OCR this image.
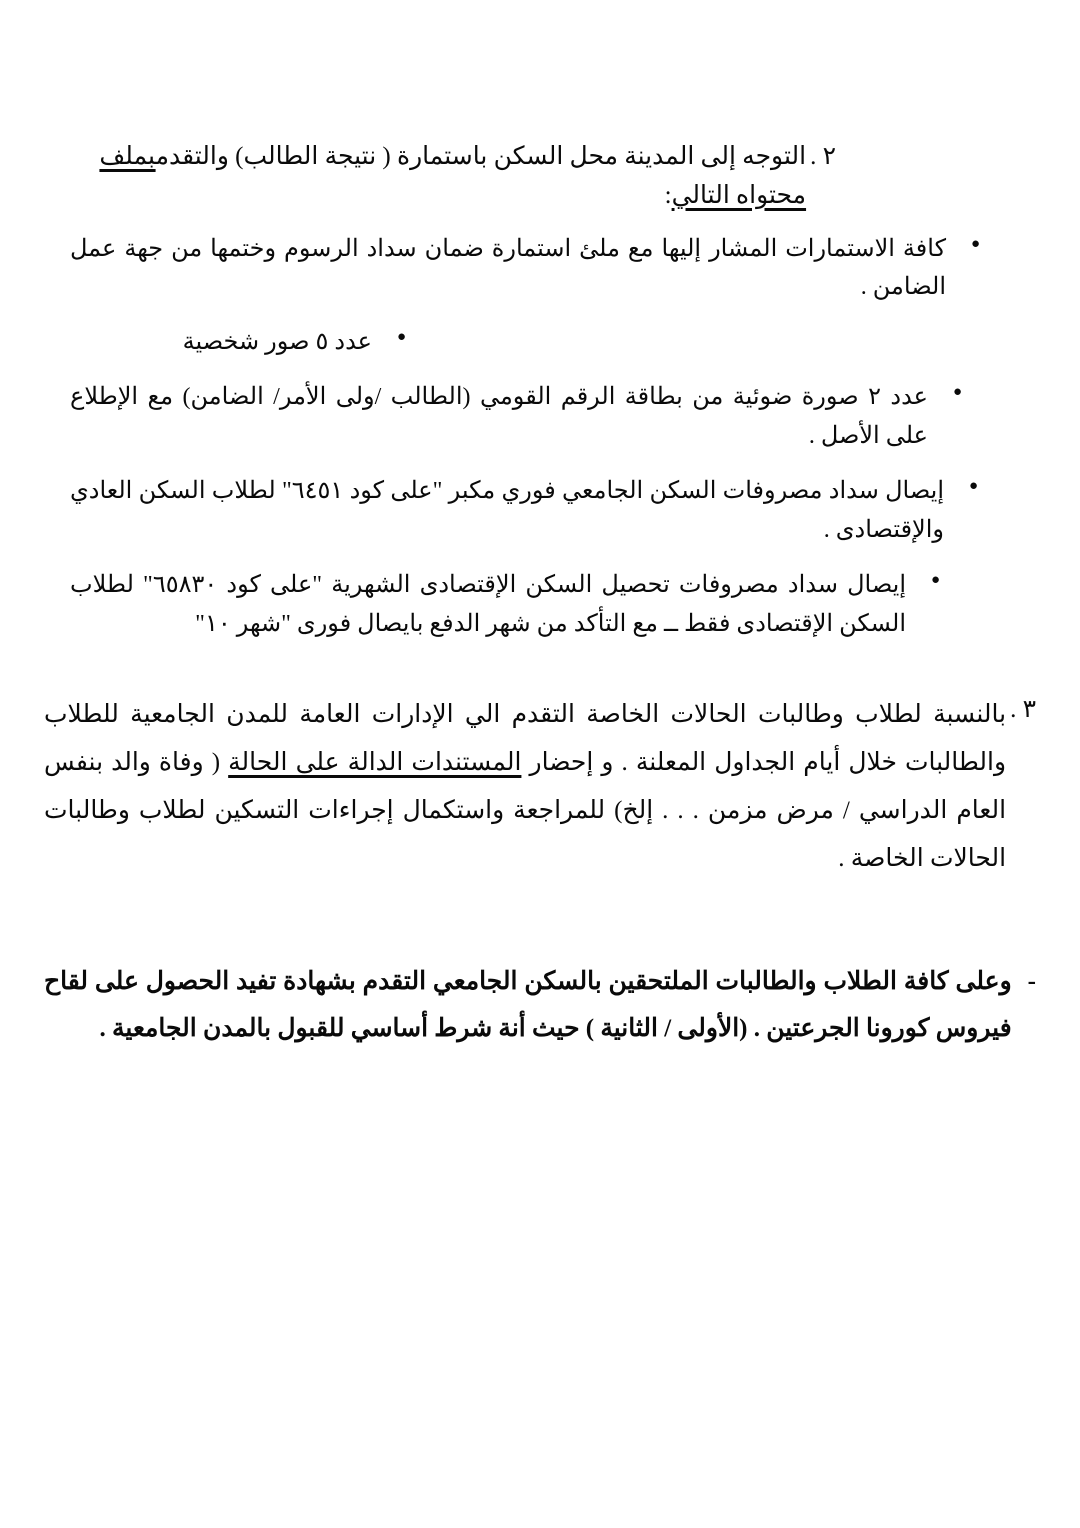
٢ .
التوجه إلى المدينة محل السكن باستمارة ( نتيجة الطالب) والتقدمبملف محتواه التالي:
● كافة الاستمارات المشار إليها مع ملئ استمارة ضمان سداد الرسوم وختمها من جهة عمل الضامن .
● عدد ٥ صور شخصية
● عدد ٢ صورة ضوئية من بطاقة الرقم القومي (الطالب /ولى الأمر/ الضامن) مع الإطلاع على الأصل .
● إيصال سداد مصروفات السكن الجامعي فوري مكبر "على كود ٦٤٥١" لطلاب السكن العادي والإقتصادى .
● إيصال سداد مصروفات تحصيل السكن الإقتصادى الشهرية "على كود ٦٥٨٣٠" لطلاب السكن الإقتصادى فقط ــ مع التأكد من شهر الدفع بايصال فورى "شهر ١٠"
٣ .
بالنسبة لطلاب وطالبات الحالات الخاصة التقدم الي الإدارات العامة للمدن الجامعية للطلاب والطالبات خلال أيام الجداول المعلنة . و إحضار المستندات الدالة على الحالة ( وفاة والد بنفس العام الدراسي / مرض مزمن . . . إلخ) للمراجعة واستكمال إجراءات التسكين لطلاب وطالبات الحالات الخاصة .
-
وعلى كافة الطلاب والطالبات الملتحقين بالسكن الجامعي التقدم بشهادة تفيد الحصول على لقاح فيروس كورونا الجرعتين . (الأولى / الثانية ) حيث أنة شرط أساسي للقبول بالمدن الجامعية .
